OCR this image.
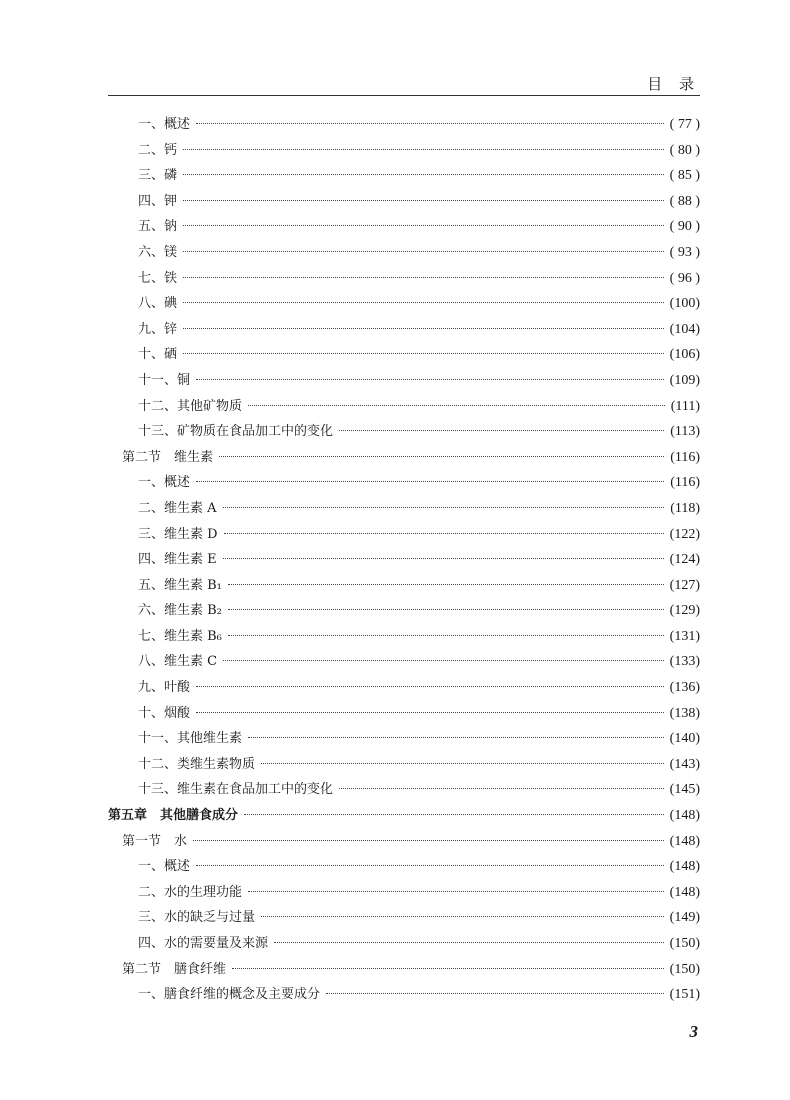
目 录
一、概述	( 77 )
二、钙	( 80 )
三、磷	( 85 )
四、钾	( 88 )
五、钠	( 90 )
六、镁	( 93 )
七、铁	( 96 )
八、碘	(100)
九、锌	(104)
十、硒	(106)
十一、铜	(109)
十二、其他矿物质	(111)
十三、矿物质在食品加工中的变化	(113)
第二节　维生素	(116)
一、概述	(116)
二、维生素 A	(118)
三、维生素 D	(122)
四、维生素 E	(124)
五、维生素 B₁	(127)
六、维生素 B₂	(129)
七、维生素 B₆	(131)
八、维生素 C	(133)
九、叶酸	(136)
十、烟酸	(138)
十一、其他维生素	(140)
十二、类维生素物质	(143)
十三、维生素在食品加工中的变化	(145)
第五章　其他膳食成分	(148)
第一节　水	(148)
一、概述	(148)
二、水的生理功能	(148)
三、水的缺乏与过量	(149)
四、水的需要量及来源	(150)
第二节　膳食纤维	(150)
一、膳食纤维的概念及主要成分	(151)
3
